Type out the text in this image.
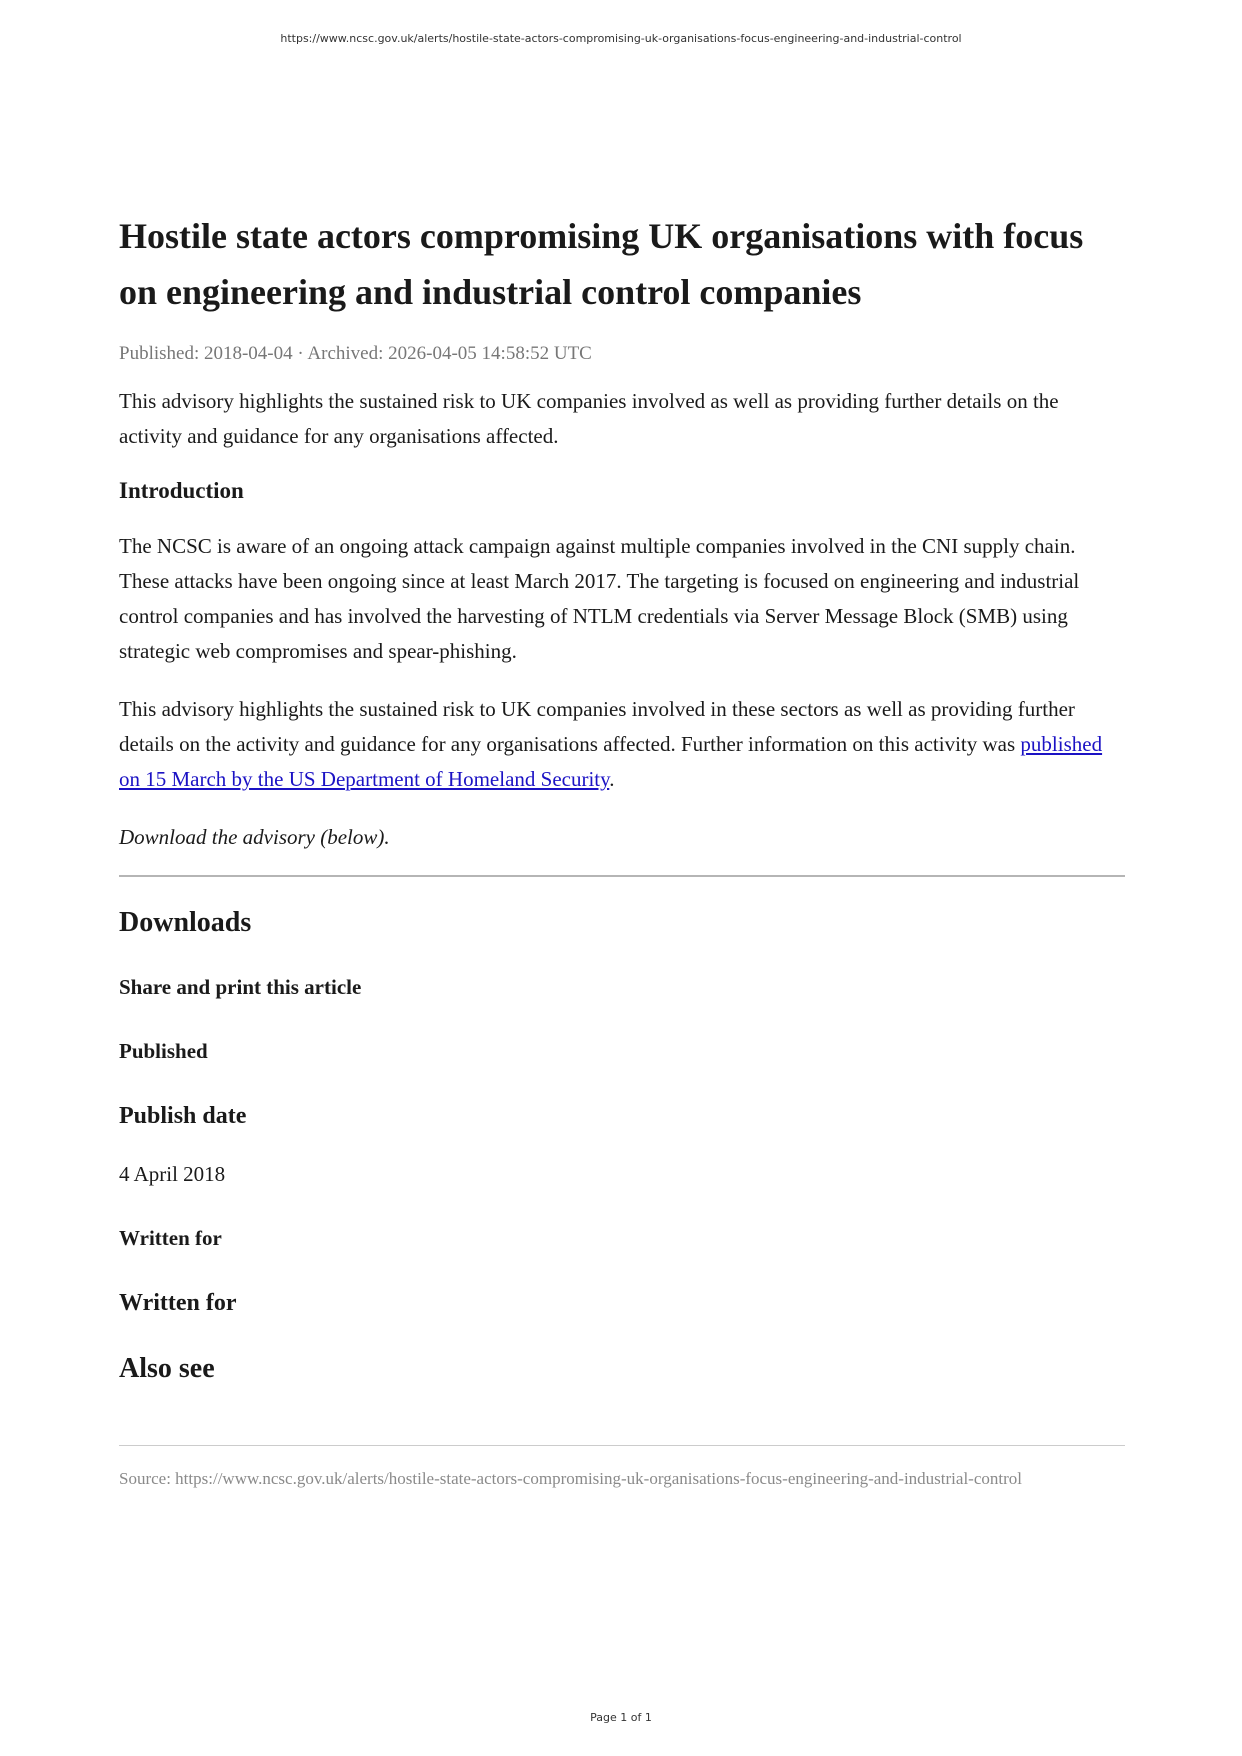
https://www.ncsc.gov.uk/alerts/hostile-state-actors-compromising-uk-organisations-focus-engineering-and-industrial-control
Hostile state actors compromising UK organisations with focus on engineering and industrial control companies
Published: 2018-04-04 · Archived: 2026-04-05 14:58:52 UTC

This advisory highlights the sustained risk to UK companies involved as well as providing further details on the activity and guidance for any organisations affected.

Introduction

The NCSC is aware of an ongoing attack campaign against multiple companies involved in the CNI supply chain. These attacks have been ongoing since at least March 2017. The targeting is focused on engineering and industrial control companies and has involved the harvesting of NTLM credentials via Server Message Block (SMB) using strategic web compromises and spear-phishing.

This advisory highlights the sustained risk to UK companies involved in these sectors as well as providing further details on the activity and guidance for any organisations affected. Further information on this activity was published on 15 March by the US Department of Homeland Security.

Download the advisory (below).

Downloads
Share and print this article
Published
Publish date
4 April 2018
Written for
Written for
Also see
Source: https://www.ncsc.gov.uk/alerts/hostile-state-actors-compromising-uk-organisations-focus-engineering-and-industrial-control
Page 1 of 1
